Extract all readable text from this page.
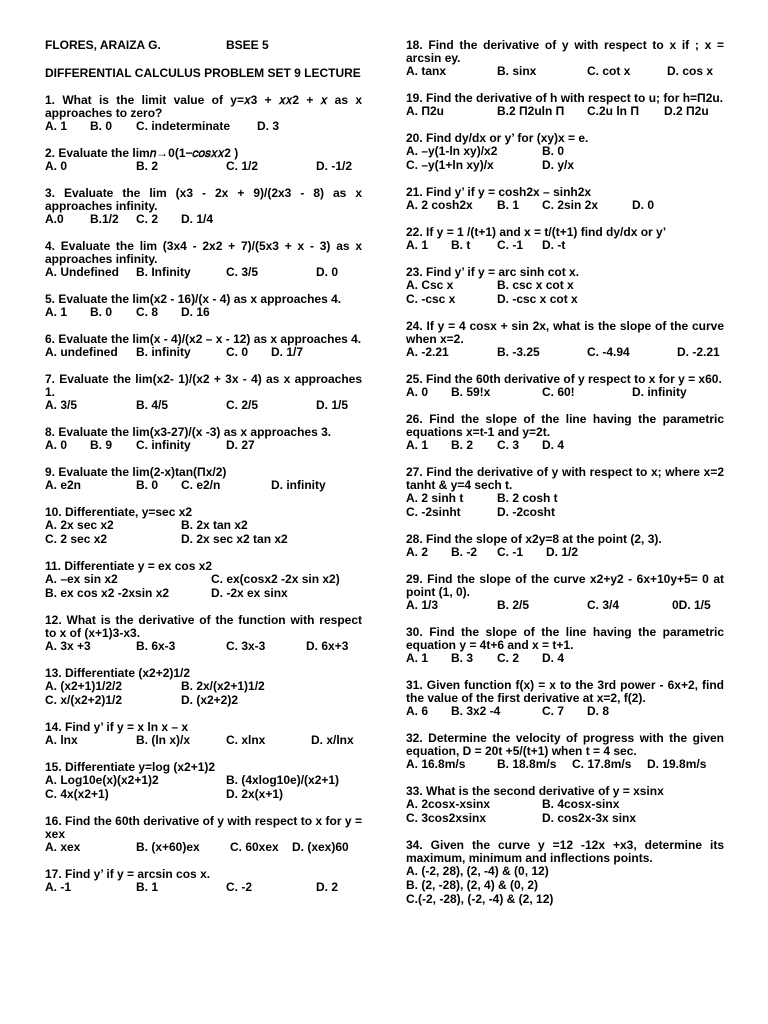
FLORES, ARAIZA G.	BSEE 5
DIFFERENTIAL CALCULUS PROBLEM SET 9 LECTURE
1. What is the limit value of y=𝑥3 + 𝑥𝑥2 + 𝑥 as x approaches to zero?
A. 1 B. 0 C. indeterminate D. 3
2. Evaluate the lim𝑛→0(1−𝑐𝑜𝑠𝑥𝑥2 )
A. 0	B. 2	C. 1/2	D. -1/2
3. Evaluate the lim (x3 - 2x + 9)/(2x3 - 8) as x approaches infinity.
A.0 B.1/2 C. 2 D. 1/4
4. Evaluate the lim (3x4 - 2x2 + 7)/(5x3 + x - 3) as x approaches infinity.
A. Undefined B. Infinity	C. 3/5	D. 0
5. Evaluate the lim(x2 - 16)/(x - 4) as x approaches 4.
A. 1 B. 0 C. 8 D. 16
6. Evaluate the lim(x - 4)/(x2 – x - 12) as x approaches 4.
A. undefined B. infinity	C. 0 D. 1/7
7. Evaluate the lim(x2- 1)/(x2 + 3x - 4) as x approaches 1.
A. 3/5	B. 4/5	C. 2/5	D. 1/5
8. Evaluate the lim(x3-27)/(x -3) as x approaches 3.
A. 0 B. 9 C. infinity	D. 27
9. Evaluate the lim(2-x)tan(Πx/2)
A. e2n	B. 0 C. e2/n	D. infinity
10. Differentiate, y=sec x2
A. 2x sec x2	B. 2x tan x2
C. 2 sec x2	D. 2x sec x2 tan x2
11. Differentiate y = ex cos x2
A. –ex sin x2	C. ex(cosx2 -2x sin x2)
B. ex cos x2 -2xsin x2	D. -2x ex sinx
12. What is the derivative of the function with respect to x of (x+1)3-x3.
A. 3x +3	B. 6x-3	C. 3x-3	D. 6x+3
13. Differentiate (x2+2)1/2
A. (x2+1)1/2/2	B. 2x/(x2+1)1/2
C. x/(x2+2)1/2	D. (x2+2)2
14. Find y’ if y = x ln x – x
A. lnx	B. (ln x)/x	C. xlnx	D. x/lnx
15. Differentiate y=log (x2+1)2
A. Log10e(x)(x2+1)2	B. (4xlog10e)/(x2+1)
C. 4x(x2+1)	D. 2x(x+1)
16. Find the 60th derivative of y with respect to x for y = xex
A. xex	B. (x+60)ex	C. 60xex D. (xex)60
17. Find y’ if y = arcsin cos x.
A. -1	B. 1	C. -2	D. 2
18. Find the derivative of y with respect to x if ; x = arcsin ey.
A. tanx	B. sinx	C. cot x	D. cos x
19. Find the derivative of h with respect to u; for h=Π2u.
A. Π2u	B.2 Π2uln Π C.2u ln Π D.2 Π2u
20. Find dy/dx or y’ for (xy)x = e.
A. –y(1-ln xy)/x2	B. 0
C. –y(1+ln xy)/x	D. y/x
21. Find y’ if y = cosh2x – sinh2x
A. 2 cosh2x B. 1 C. 2sin 2x	D. 0
22. If y = 1 /(t+1) and x = t/(t+1) find dy/dx or y’
A. 1 B. t C. -1 D. -t
23. Find y’ if y = arc sinh cot x.
A. Csc x	B. csc x cot x
C. -csc x	D. -csc x cot x
24. If y = 4 cosx + sin 2x, what is the slope of the curve when x=2.
A. -2.21	B. -3.25	C. -4.94	D. -2.21
25. Find the 60th derivative of y respect to x for y = x60.
A. 0 B. 59!x	C. 60!	D. infinity
26. Find the slope of the line having the parametric equations x=t-1 and y=2t.
A. 1 B. 2 C. 3 D. 4
27. Find the derivative of y with respect to x; where x=2 tanht & y=4 sech t.
A. 2 sinh t	B. 2 cosh t
C. -2sinht	D. -2cosht
28. Find the slope of x2y=8 at the point (2, 3).
A. 2 B. -2 C. -1 D. 1/2
29. Find the slope of the curve x2+y2 - 6x+10y+5= 0 at point (1, 0).
A. 1/3	B. 2/5	C. 3/4	0D. 1/5
30. Find the slope of the line having the parametric equation y = 4t+6 and x = t+1.
A. 1 B. 3 C. 2 D. 4
31. Given function f(x) = x to the 3rd power - 6x+2, find the value of the first derivative at x=2, f(2).
A. 6 B. 3x2 -4	C. 7 D. 8
32. Determine the velocity of progress with the given equation, D = 20t +5/(t+1) when t = 4 sec.
A. 16.8m/s	B. 18.8m/s C. 17.8m/s D. 19.8m/s
33. What is the second derivative of y = xsinx
A. 2cosx-xsinx	B. 4cosx-sinx
C. 3cos2xsinx	D. cos2x-3x sinx
34. Given the curve y =12 -12x +x3, determine its maximum, minimum and inflections points.
A. (-2, 28), (2, -4) & (0, 12)
B. (2, -28), (2, 4) & (0, 2)
C.(-2, -28), (-2, -4) & (2, 12)
